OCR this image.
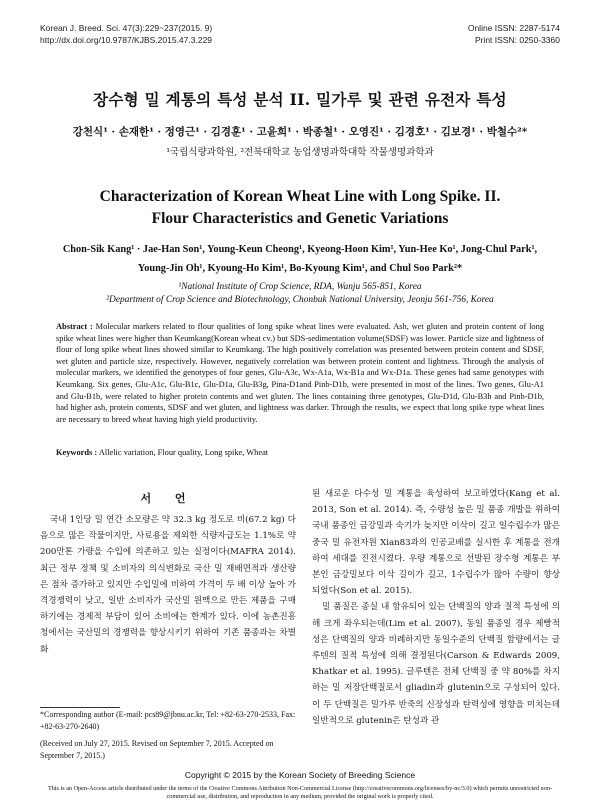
Korean J. Breed. Sci. 47(3):229~237(2015. 9)
http://dx.doi.org/10.9787/KJBS.2015.47.3.229
Online ISSN: 2287-5174
Print ISSN: 0250-3360
장수형 밀 계통의 특성 분석 II. 밀가루 및 관련 유전자 특성
강천식¹ · 손재한¹ · 정영근¹ · 김경훈¹ · 고윤희¹ · 박종철¹ · 오영진¹ · 김경호¹ · 김보경¹ · 박철수²*
¹국립식량과학원, ²전북대학교 농업생명과학대학 작물생명과학과
Characterization of Korean Wheat Line with Long Spike. II.
Flour Characteristics and Genetic Variations
Chon-Sik Kang¹ · Jae-Han Son¹, Young-Keun Cheong¹, Kyeong-Hoon Kim¹, Yun-Hee Ko¹, Jong-Chul Park¹,
Young-Jin Oh¹, Kyoung-Ho Kim¹, Bo-Kyoung Kim¹, and Chul Soo Park²*
¹National Institute of Crop Science, RDA, Wanju 565-851, Korea
²Department of Crop Science and Biotechnology, Chonbuk National University, Jeonju 561-756, Korea
Abstract : Molecular markers related to flour qualities of long spike wheat lines were evaluated. Ash, wet gluten and protein content of long spike wheat lines were higher than Keumkang(Korean wheat cv.) but SDS-sedimentation volume(SDSF) was lower. Particle size and lightness of flour of long spike wheat lines showed similar to Keumkang. The high positively correlation was presented between protein content and SDSF, wet gluten and particle size, respectively. However, negatively correlation was between protein content and lightness. Through the analysis of molecular markers, we identified the genotypes of four genes, Glu-A3c, Wx-A1a, Wx-B1a and Wx-D1a. These genes had same genotypes with Keumkang. Six genes, Glu-A1c, Glu-B1c, Glu-D1a, Glu-B3g, Pina-D1and Pinb-D1b, were presented in most of the lines. Two genes, Glu-A1 and Glu-B1b, were related to higher protein contents and wet gluten. The lines containing three genotypes, Glu-D1d, Glu-B3h and Pinb-D1b, had higher ash, protein contents, SDSF and wet gluten, and lightness was darker. Through the results, we expect that long spike type wheat lines are necessary to breed wheat having high yield productivity.
Keywords : Allelic variation, Flour quality, Long spike, Wheat
서 언

국내 1인당 밀 연간 소모량은 약 32.3 kg 정도로 비(67.2 kg) 다음으로 많은 작물이지만, 사료용을 제외한 식량자급도는 1.1%로 약 200만톤 가량을 수입에 의존하고 있는 실정이다(MAFRA 2014). 최근 정부 정책 및 소비자의 의식변화로 국산 밀 재배면적과 생산량은 점차 증가하고 있지만 수입밀에 비하여 가격이 두 배 이상 높아 가격경쟁력이 낮고, 일반 소비자가 국산밀 원맥으로 만든 제품을 구매하기에는 경제적 부담이 있어 소비에는 한계가 있다. 이에 농촌진흥청에서는 국산밀의 경쟁력을 향상시키기 위하여 기존 품종과는 차별화

된 새로운 다수성 밀 계통을 육성하여 보고하였다(Kang et al. 2013, Son et al. 2014). 즉, 수량성 높은 밀 품종 개발을 위하여 국내 품종인 금강밀과 숙기가 늦지만 이삭이 길고 일수립수가 많은 중국 밀 유전자원 Xian83과의 인공교배를 실시한 후 계통을 전개하여 세대를 진전시켰다. 우량 계통으로 선발된 장수형 계통은 부본인 금강밀보다 이삭 길이가 길고, 1수립수가 많아 수량이 향상 되었다(Son et al. 2015).

밀 품질은 종실 내 함유되어 있는 단백질의 양과 질적 특성에 의해 크게 좌우되는데(Lim et al. 2007), 동일 품종일 경우 제빵적성은 단백질의 양과 비례하지만 동일수준의 단백질 함량에서는 글루텐의 질적 특성에 의해 결정된다(Carson & Edwards 2009, Khatkar et al. 1995). 글루텐은 전체 단백질 중 약 80%를 차지하는 밀 저장단백질로서 gliadin과 glutenin으로 구성되어 있다. 이 두 단백질은 밀가루 반죽의 신장성과 탄력성에 영향을 미치는데 일반적으로 glutenin은 탄성과 관

*Corresponding author (E-mail: pcs89@jbnu.ac.kr, Tel: +82-63-270-2533, Fax: +82-63-270-2640)
(Received on July 27, 2015. Revised on September 7, 2015. Accepted on September 7, 2015.)
Copyright © 2015 by the Korean Society of Breeding Science
This is an Open-Access article distributed under the terms of the Creative Commons Attribution Non-Commercial License (http://creativecommons.org/licenses/by-nc/3.0) which permits unrestricted non-commercial use, distribution, and reproduction in any medium, provided the original work is properly cited.
